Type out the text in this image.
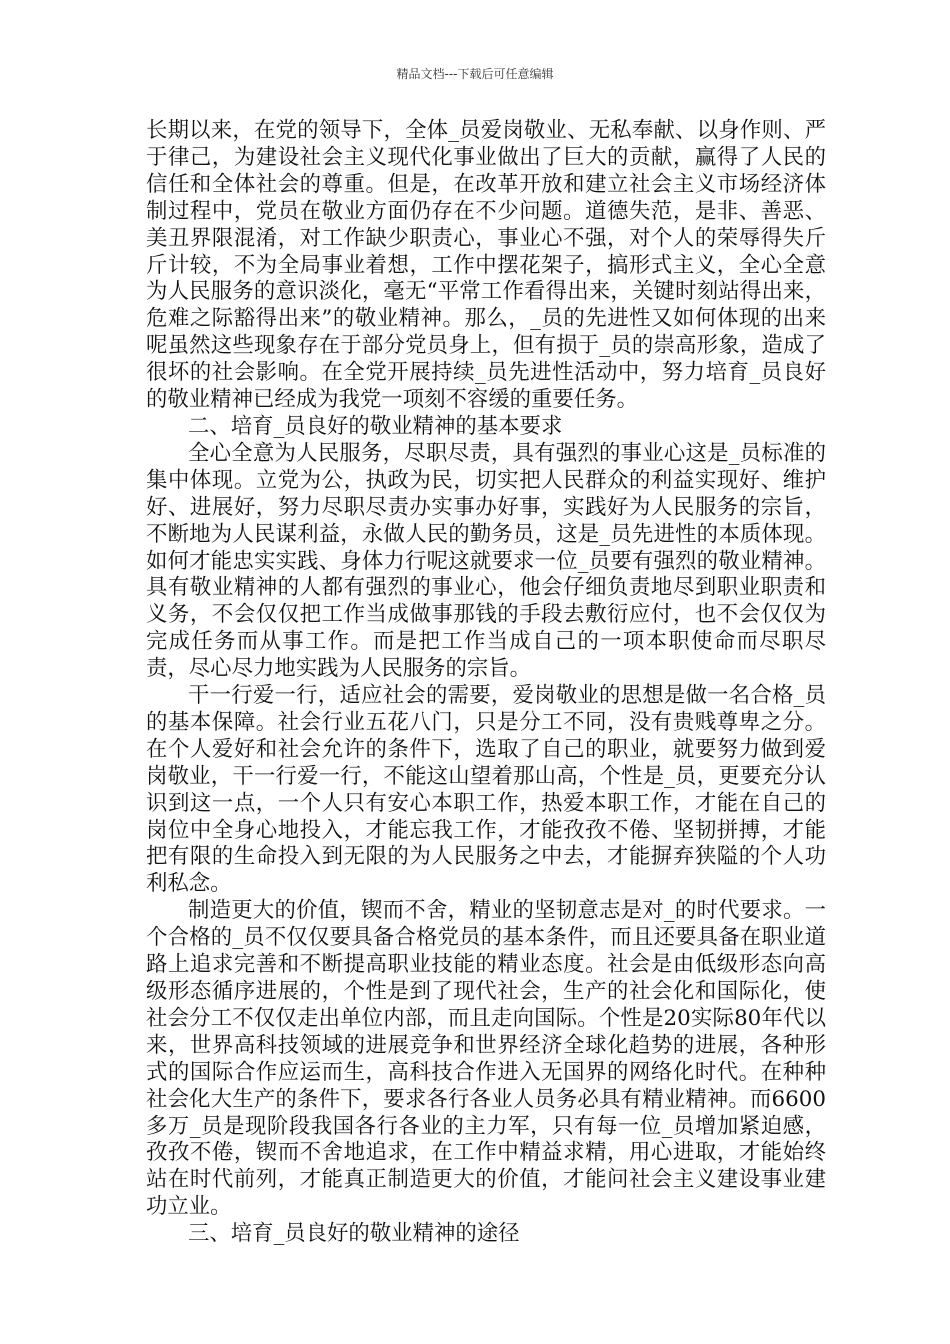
精品文档---下载后可任意编辑

长期以来，在党的领导下，全体_员爱岗敬业、无私奉献、以身作则、严于律己，为建设社会主义现代化事业做出了巨大的贡献，赢得了人民的信任和全体社会的尊重。但是，在改革开放和建立社会主义市场经济体制过程中，党员在敬业方面仍存在不少问题。道德失范，是非、善恶、美丑界限混淆，对工作缺少职责心，事业心不强，对个人的荣辱得失斤斤计较，不为全局事业着想，工作中摆花架子，搞形式主义，全心全意为人民服务的意识淡化，毫无“平常工作看得出来，关键时刻站得出来，危难之际豁得出来”的敬业精神。那么，_员的先进性又如何体现的出来呢虽然这些现象存在于部分党员身上，但有损于_员的崇高形象，造成了很坏的社会影响。在全党开展持续_员先进性活动中，努力培育_员良好的敬业精神已经成为我党一项刻不容缓的重要任务。

二、培育_员良好的敬业精神的基本要求

全心全意为人民服务，尽职尽责，具有强烈的事业心这是_员标准的集中体现。立党为公，执政为民，切实把人民群众的利益实现好、维护好、进展好，努力尽职尽责办实事办好事，实践好为人民服务的宗旨，不断地为人民谋利益，永做人民的勤务员，这是_员先进性的本质体现。如何才能忠实实践、身体力行呢这就要求一位_员要有强烈的敬业精神。具有敬业精神的人都有强烈的事业心，他会仔细负责地尽到职业职责和义务，不会仅仅把工作当成做事那钱的手段去敷衍应付，也不会仅仅为完成任务而从事工作。而是把工作当成自己的一项本职使命而尽职尽责，尽心尽力地实践为人民服务的宗旨。

干一行爱一行，适应社会的需要，爱岗敬业的思想是做一名合格_员的基本保障。社会行业五花八门，只是分工不同，没有贵贱尊卑之分。在个人爱好和社会允许的条件下，选取了自己的职业，就要努力做到爱岗敬业，干一行爱一行，不能这山望着那山高，个性是_员，更要充分认识到这一点，一个人只有安心本职工作，热爱本职工作，才能在自己的岗位中全身心地投入，才能忘我工作，才能孜孜不倦、坚韧拼搏，才能把有限的生命投入到无限的为人民服务之中去，才能摒弃狭隘的个人功利私念。

制造更大的价值，锲而不舍，精业的坚韧意志是对_的时代要求。一个合格的_员不仅仅要具备合格党员的基本条件，而且还要具备在职业道路上追求完善和不断提高职业技能的精业态度。社会是由低级形态向高级形态循序进展的，个性是到了现代社会，生产的社会化和国际化，使社会分工不仅仅走出单位内部，而且走向国际。个性是20实际80年代以来，世界高科技领域的进展竞争和世界经济全球化趋势的进展，各种形式的国际合作应运而生，高科技合作进入无国界的网络化时代。在种种社会化大生产的条件下，要求各行各业人员务必具有精业精神。而6600多万_员是现阶段我国各行各业的主力军，只有每一位_员增加紧迫感，孜孜不倦，锲而不舍地追求，在工作中精益求精，用心进取，才能始终站在时代前列，才能真正制造更大的价值，才能问社会主义建设事业建功立业。

三、培育_员良好的敬业精神的途径
